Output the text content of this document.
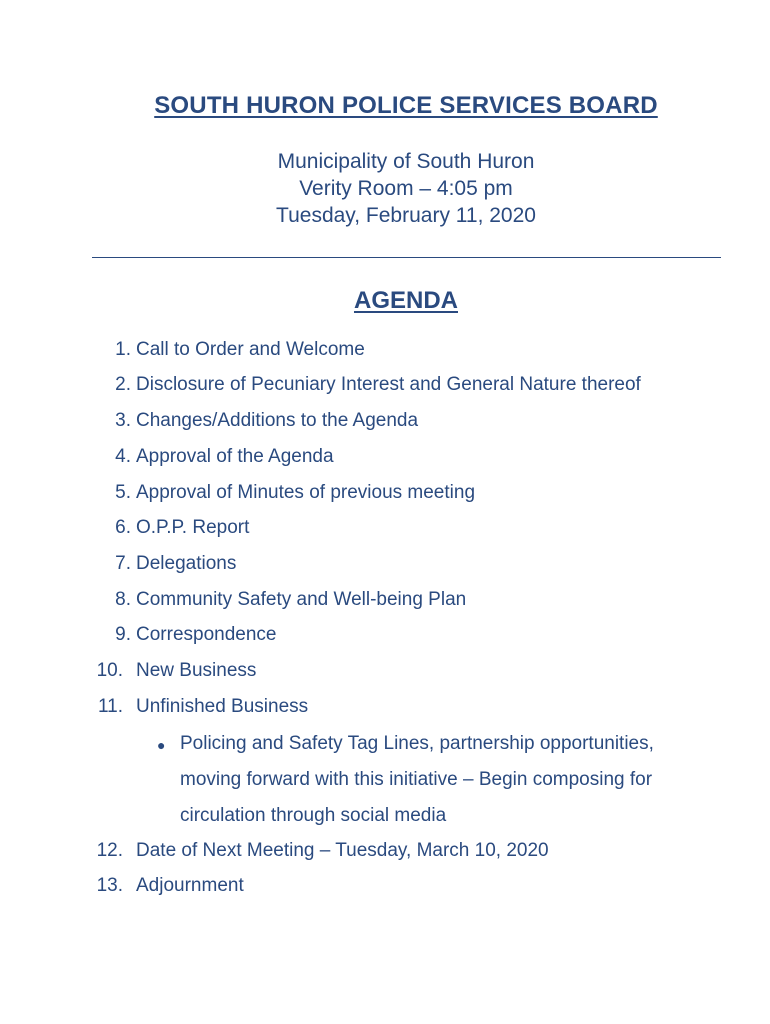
SOUTH HURON POLICE SERVICES BOARD
Municipality of South Huron
Verity Room – 4:05 pm
Tuesday, February 11, 2020
AGENDA
1. Call to Order and Welcome
2. Disclosure of Pecuniary Interest and General Nature thereof
3. Changes/Additions to the Agenda
4. Approval of the Agenda
5. Approval of Minutes of previous meeting
6. O.P.P. Report
7. Delegations
8. Community Safety and Well-being Plan
9. Correspondence
10. New Business
11. Unfinished Business
● Policing and Safety Tag Lines, partnership opportunities,
moving forward with this initiative – Begin composing for
circulation through social media
12. Date of Next Meeting – Tuesday, March 10, 2020
13. Adjournment
